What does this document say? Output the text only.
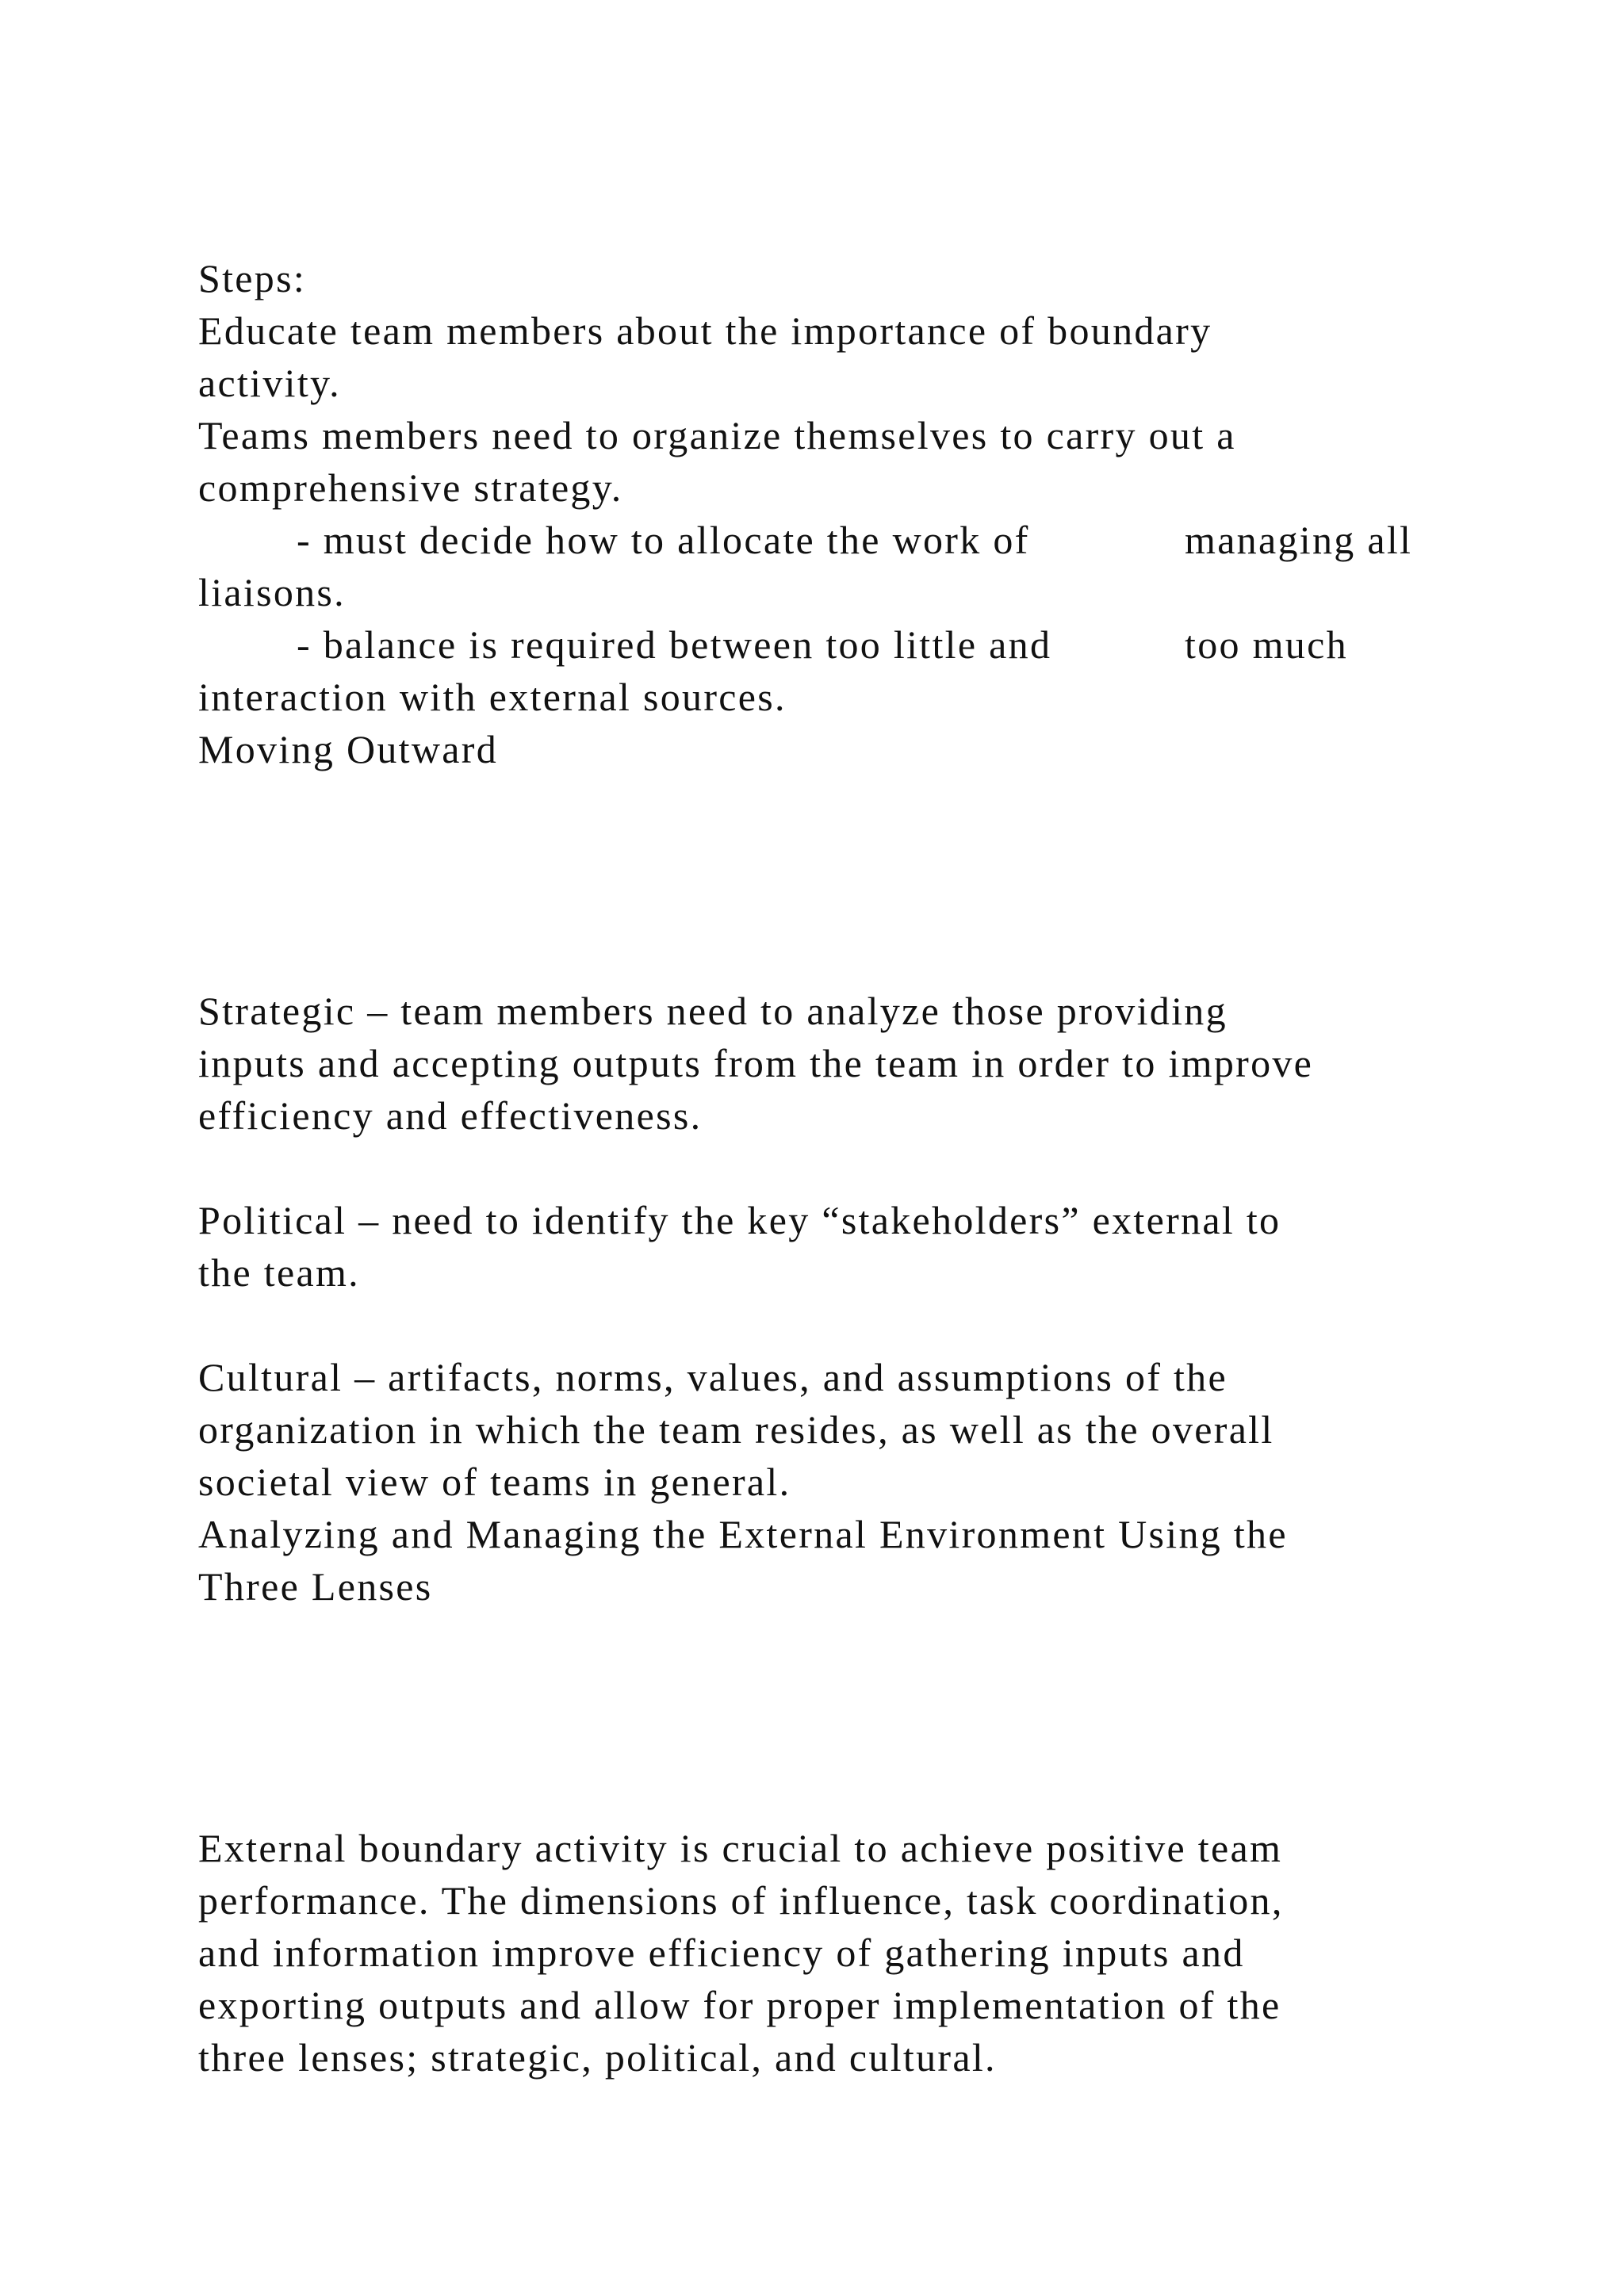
Steps:

Educate team members about the importance of boundary

activity.

Teams members need to organize themselves to carry out a

comprehensive strategy.

- must decide how to allocate the work of	managing all

liaisons.

- balance is required between too little and	too much

interaction with external sources.

Moving Outward

Strategic – team members need to analyze those providing

inputs and accepting outputs from the team in order to improve

efficiency and effectiveness.

Political – need to identify the key “stakeholders” external to

the team.

Cultural – artifacts, norms, values, and assumptions of the

organization in which the team resides, as well as the overall

societal view of teams in general.

Analyzing and Managing the External Environment Using the

Three Lenses

External boundary activity is crucial to achieve positive team

performance. The dimensions of influence, task coordination,

and information improve efficiency of gathering inputs and

exporting outputs and allow for proper implementation of the

three lenses; strategic, political, and cultural.
